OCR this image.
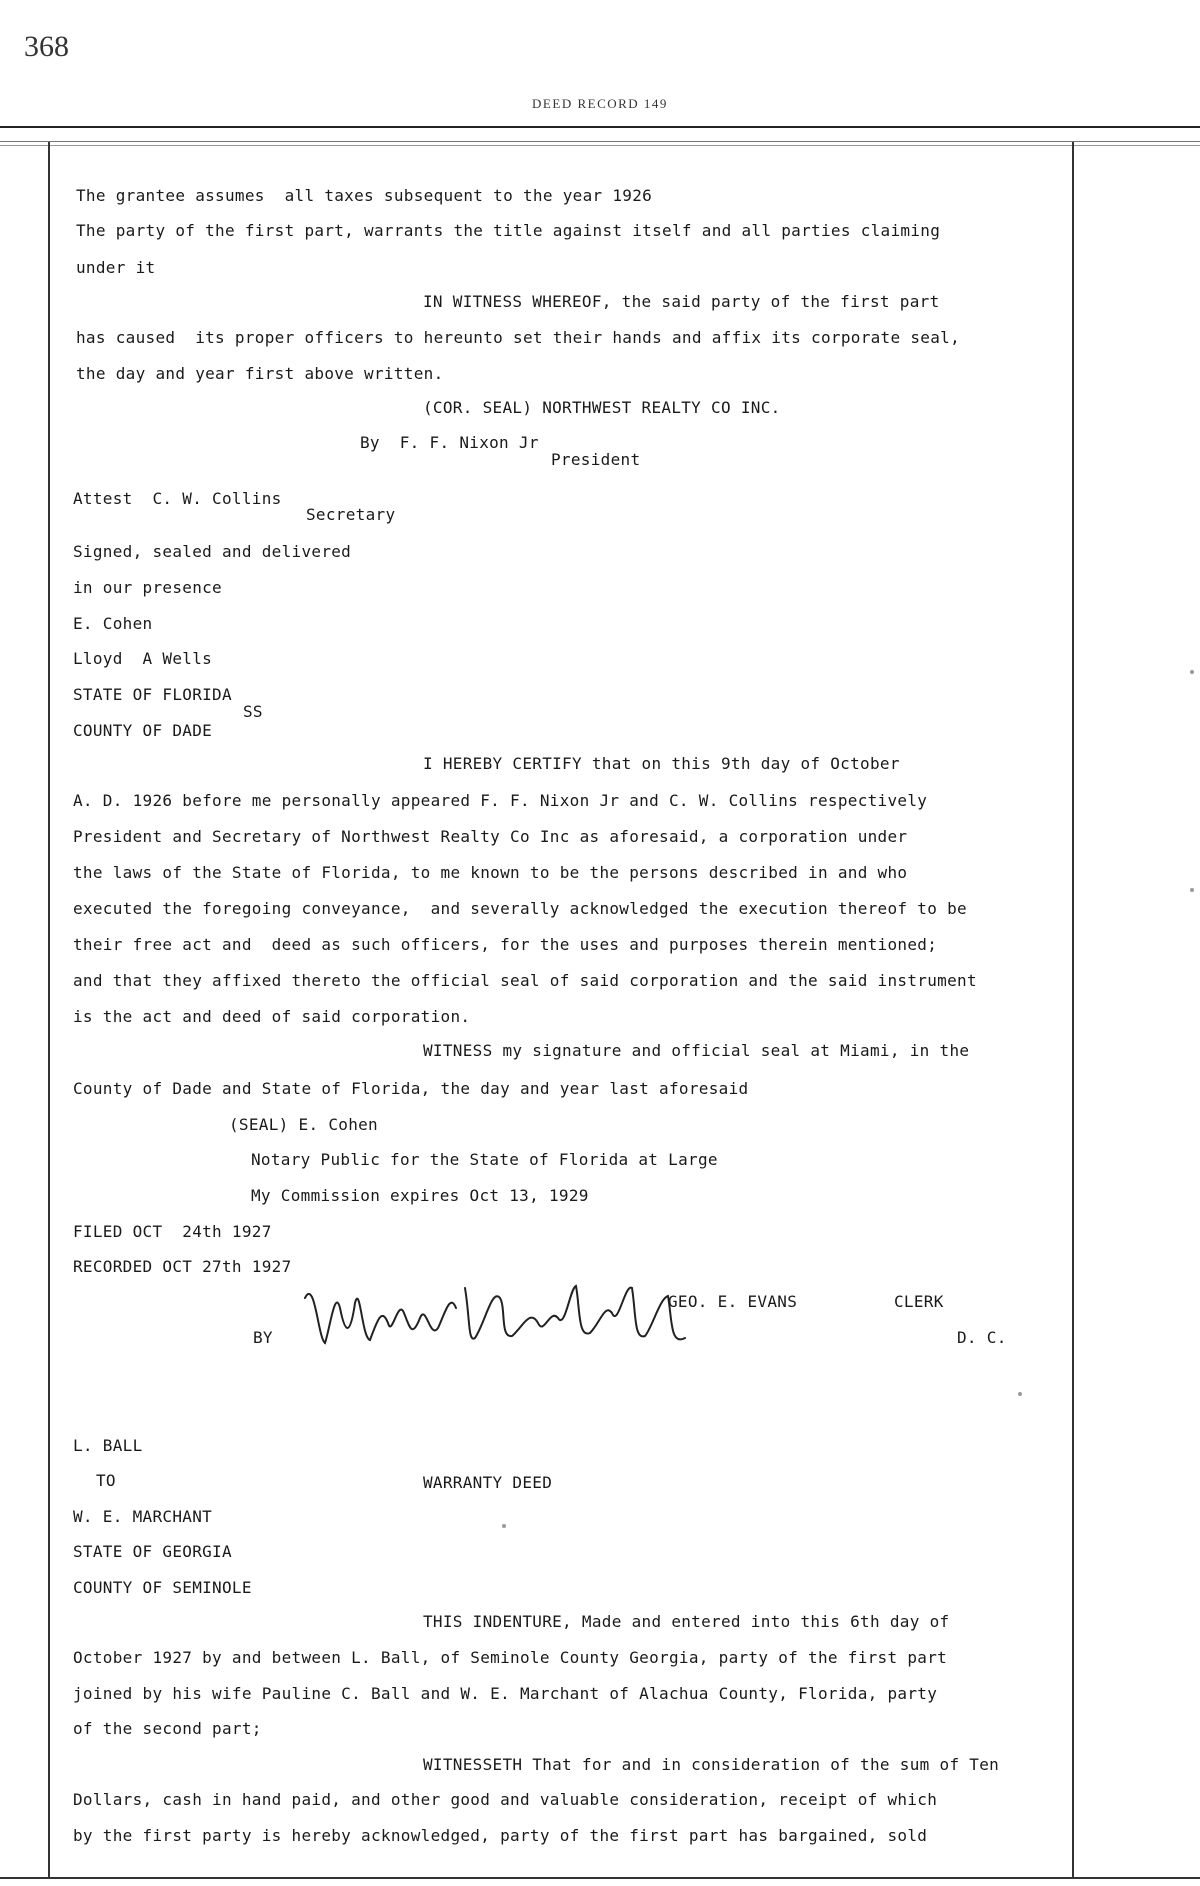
368
DEED RECORD 149
The grantee assumes  all taxes subsequent to the year 1926
The party of the first part, warrants the title against itself and all parties claiming
under it
IN WITNESS WHEREOF, the said party of the first part
has caused  its proper officers to hereunto set their hands and affix its corporate seal,
the day and year first above written.
(COR. SEAL) NORTHWEST REALTY CO INC.
By  F. F. Nixon Jr
President
Attest  C. W. Collins
Secretary
Signed, sealed and delivered
in our presence
E. Cohen
Lloyd  A Wells
STATE OF FLORIDA
SS
COUNTY OF DADE
I HEREBY CERTIFY that on this 9th day of October
A. D. 1926 before me personally appeared F. F. Nixon Jr and C. W. Collins respectively
President and Secretary of Northwest Realty Co Inc as aforesaid, a corporation under
the laws of the State of Florida, to me known to be the persons described in and who
executed the foregoing conveyance,  and severally acknowledged the execution thereof to be
their free act and  deed as such officers, for the uses and purposes therein mentioned;
and that they affixed thereto the official seal of said corporation and the said instrument
is the act and deed of said corporation.
WITNESS my signature and official seal at Miami, in the
County of Dade and State of Florida, the day and year last aforesaid
(SEAL) E. Cohen
Notary Public for the State of Florida at Large
My Commission expires Oct 13, 1929
FILED OCT  24th 1927
RECORDED OCT 27th 1927
GEO. E. EVANS	CLERK
BY	D. C.
L. BALL
TO	WARRANTY DEED
W. E. MARCHANT
STATE OF GEORGIA
COUNTY OF SEMINOLE
THIS INDENTURE, Made and entered into this 6th day of
October 1927 by and between L. Ball, of Seminole County Georgia, party of the first part
joined by his wife Pauline C. Ball and W. E. Marchant of Alachua County, Florida, party
of the second part;
WITNESSETH That for and in consideration of the sum of Ten
Dollars, cash in hand paid, and other good and valuable consideration, receipt of which
by the first party is hereby acknowledged, party of the first part has bargained, sold
